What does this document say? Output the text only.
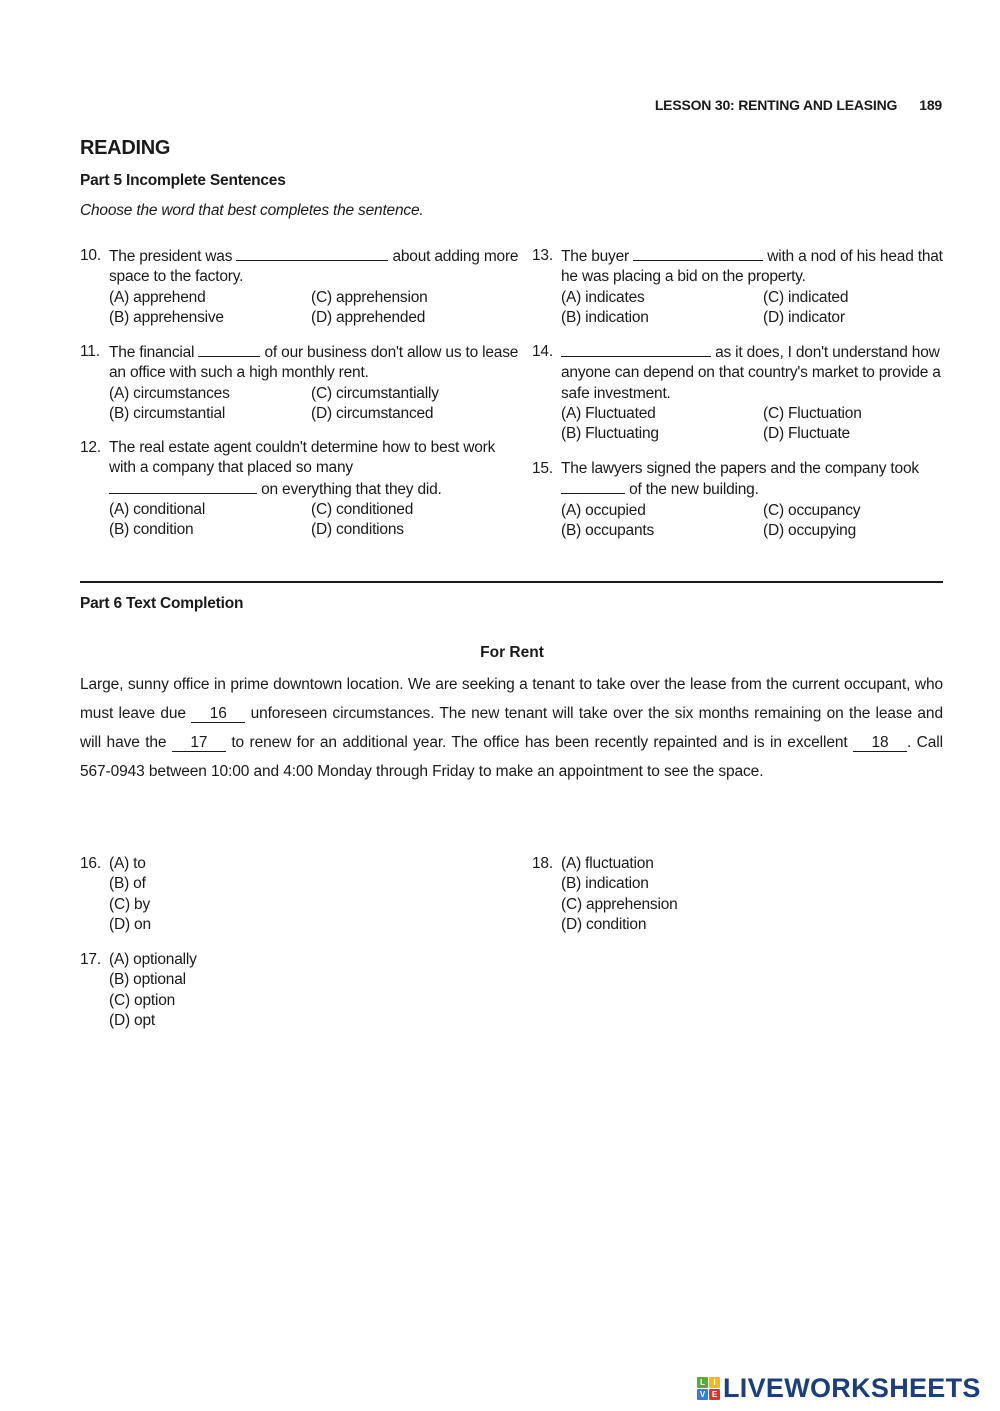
LESSON 30: RENTING AND LEASING 189
READING
Part 5 Incomplete Sentences
Choose the word that best completes the sentence.
10. The president was	about adding more space to the factory.
(A) apprehend	(C) apprehension
(B) apprehensive	(D) apprehended
11. The financial	of our business don't allow us to lease an office with such a high monthly rent.
(A) circumstances	(C) circumstantially
(B) circumstantial	(D) circumstanced
12. The real estate agent couldn't determine how to best work with a company that placed so many  on everything that they did.
(A) conditional	(C) conditioned
(B) condition	(D) conditions
13. The buyer	with a nod of his head that he was placing a bid on the property.
(A) indicates	(C) indicated
(B) indication	(D) indicator
14.	as it does, I don't understand how anyone can depend on that country's market to provide a safe investment.
(A) Fluctuated	(C) Fluctuation
(B) Fluctuating	(D) Fluctuate
15. The lawyers signed the papers and the company took  of the new building.
(A) occupied	(C) occupancy
(B) occupants	(D) occupying
Part 6 Text Completion
For Rent
Large, sunny office in prime downtown location. We are seeking a tenant to take over the lease from the current occupant, who must leave due 16 unforeseen circumstances. The new tenant will take over the six months remaining on the lease and will have the 17 to renew for an additional year. The office has been recently repainted and is in excellent 18 . Call 567-0943 between 10:00 and 4:00 Monday through Friday to make an appointment to see the space.
16. (A) to
(B) of
(C) by
(D) on
17. (A) optionally
(B) optional
(C) option
(D) opt
18. (A) fluctuation
(B) indication
(C) apprehension
(D) condition
L	I
V E LIVEWORKSHEETS
